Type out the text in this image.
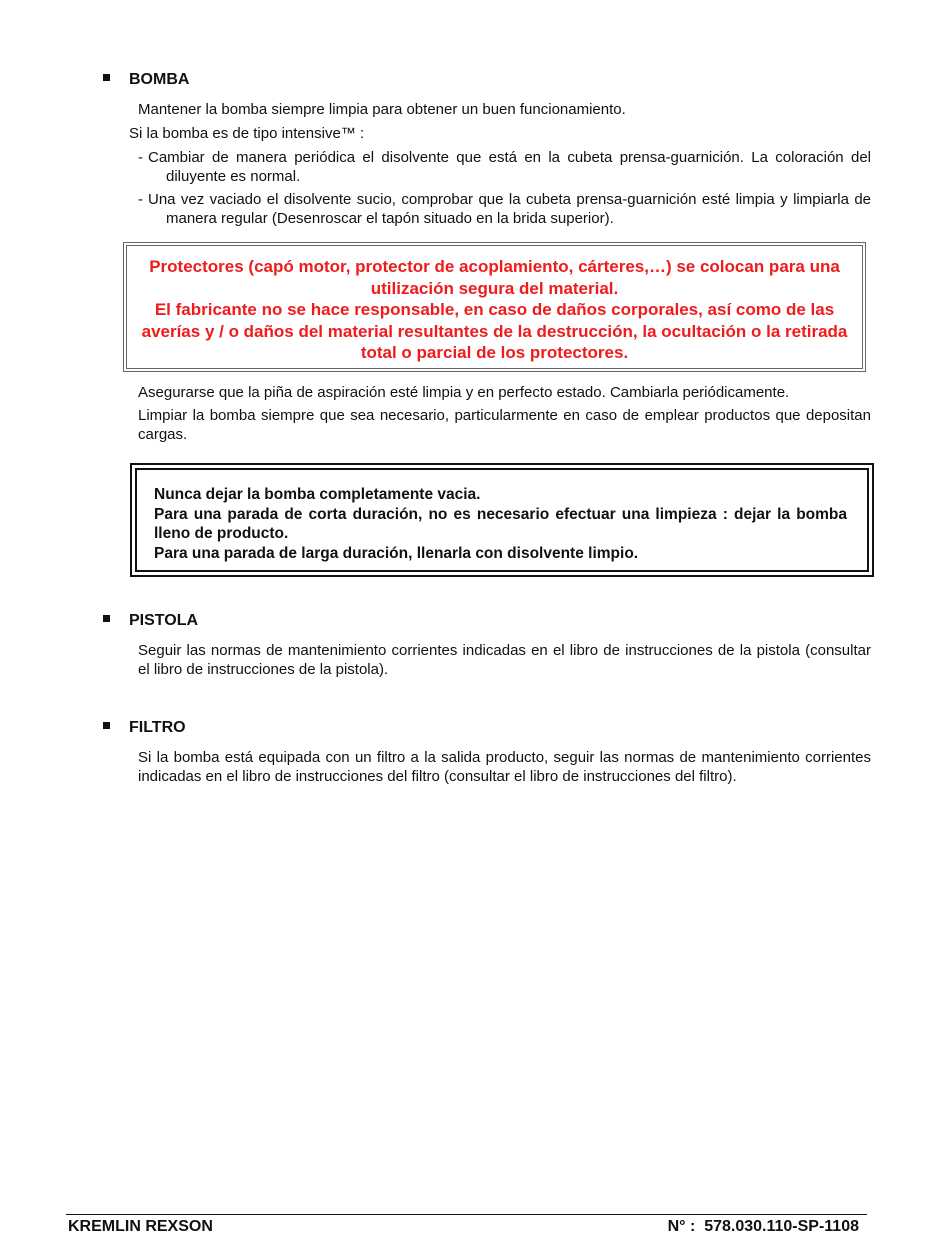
BOMBA
Mantener la bomba siempre limpia para obtener un buen funcionamiento.
Si la bomba es de tipo intensive™ :
- Cambiar de manera periódica el disolvente que está en la cubeta prensa-guarnición. La coloración del diluyente es normal.
- Una vez vaciado el disolvente sucio, comprobar que la cubeta prensa-guarnición esté limpia y limpiarla de manera regular (Desenroscar el tapón situado en la brida superior).

Protectores (capó motor, protector de acoplamiento, cárteres,…) se colocan para una utilización segura del material.

El fabricante no se hace responsable, en caso de daños corporales, así como de las averías y / o daños del material resultantes de la destrucción, la ocultación o la retirada total o parcial de los protectores.

Asegurarse que la piña de aspiración esté limpia y en perfecto estado. Cambiarla periódicamente.
Limpiar la bomba siempre que sea necesario, particularmente en caso de emplear productos que depositan cargas.

Nunca dejar la bomba completamente vacia.

Para una parada de corta duración, no es necesario efectuar una limpieza : dejar la bomba lleno de producto.

Para una parada de larga duración, llenarla con disolvente limpio.

PISTOLA
Seguir las normas de mantenimiento corrientes indicadas en el libro de instrucciones de la pistola (consultar el libro de instrucciones de la pistola).
FILTRO
Si la bomba está equipada con un filtro a la salida producto, seguir las normas de mantenimiento corrientes indicadas en el libro de instrucciones del filtro (consultar el libro de instrucciones del filtro).
KREMLIN REXSON	N° :  578.030.110-SP-1108
